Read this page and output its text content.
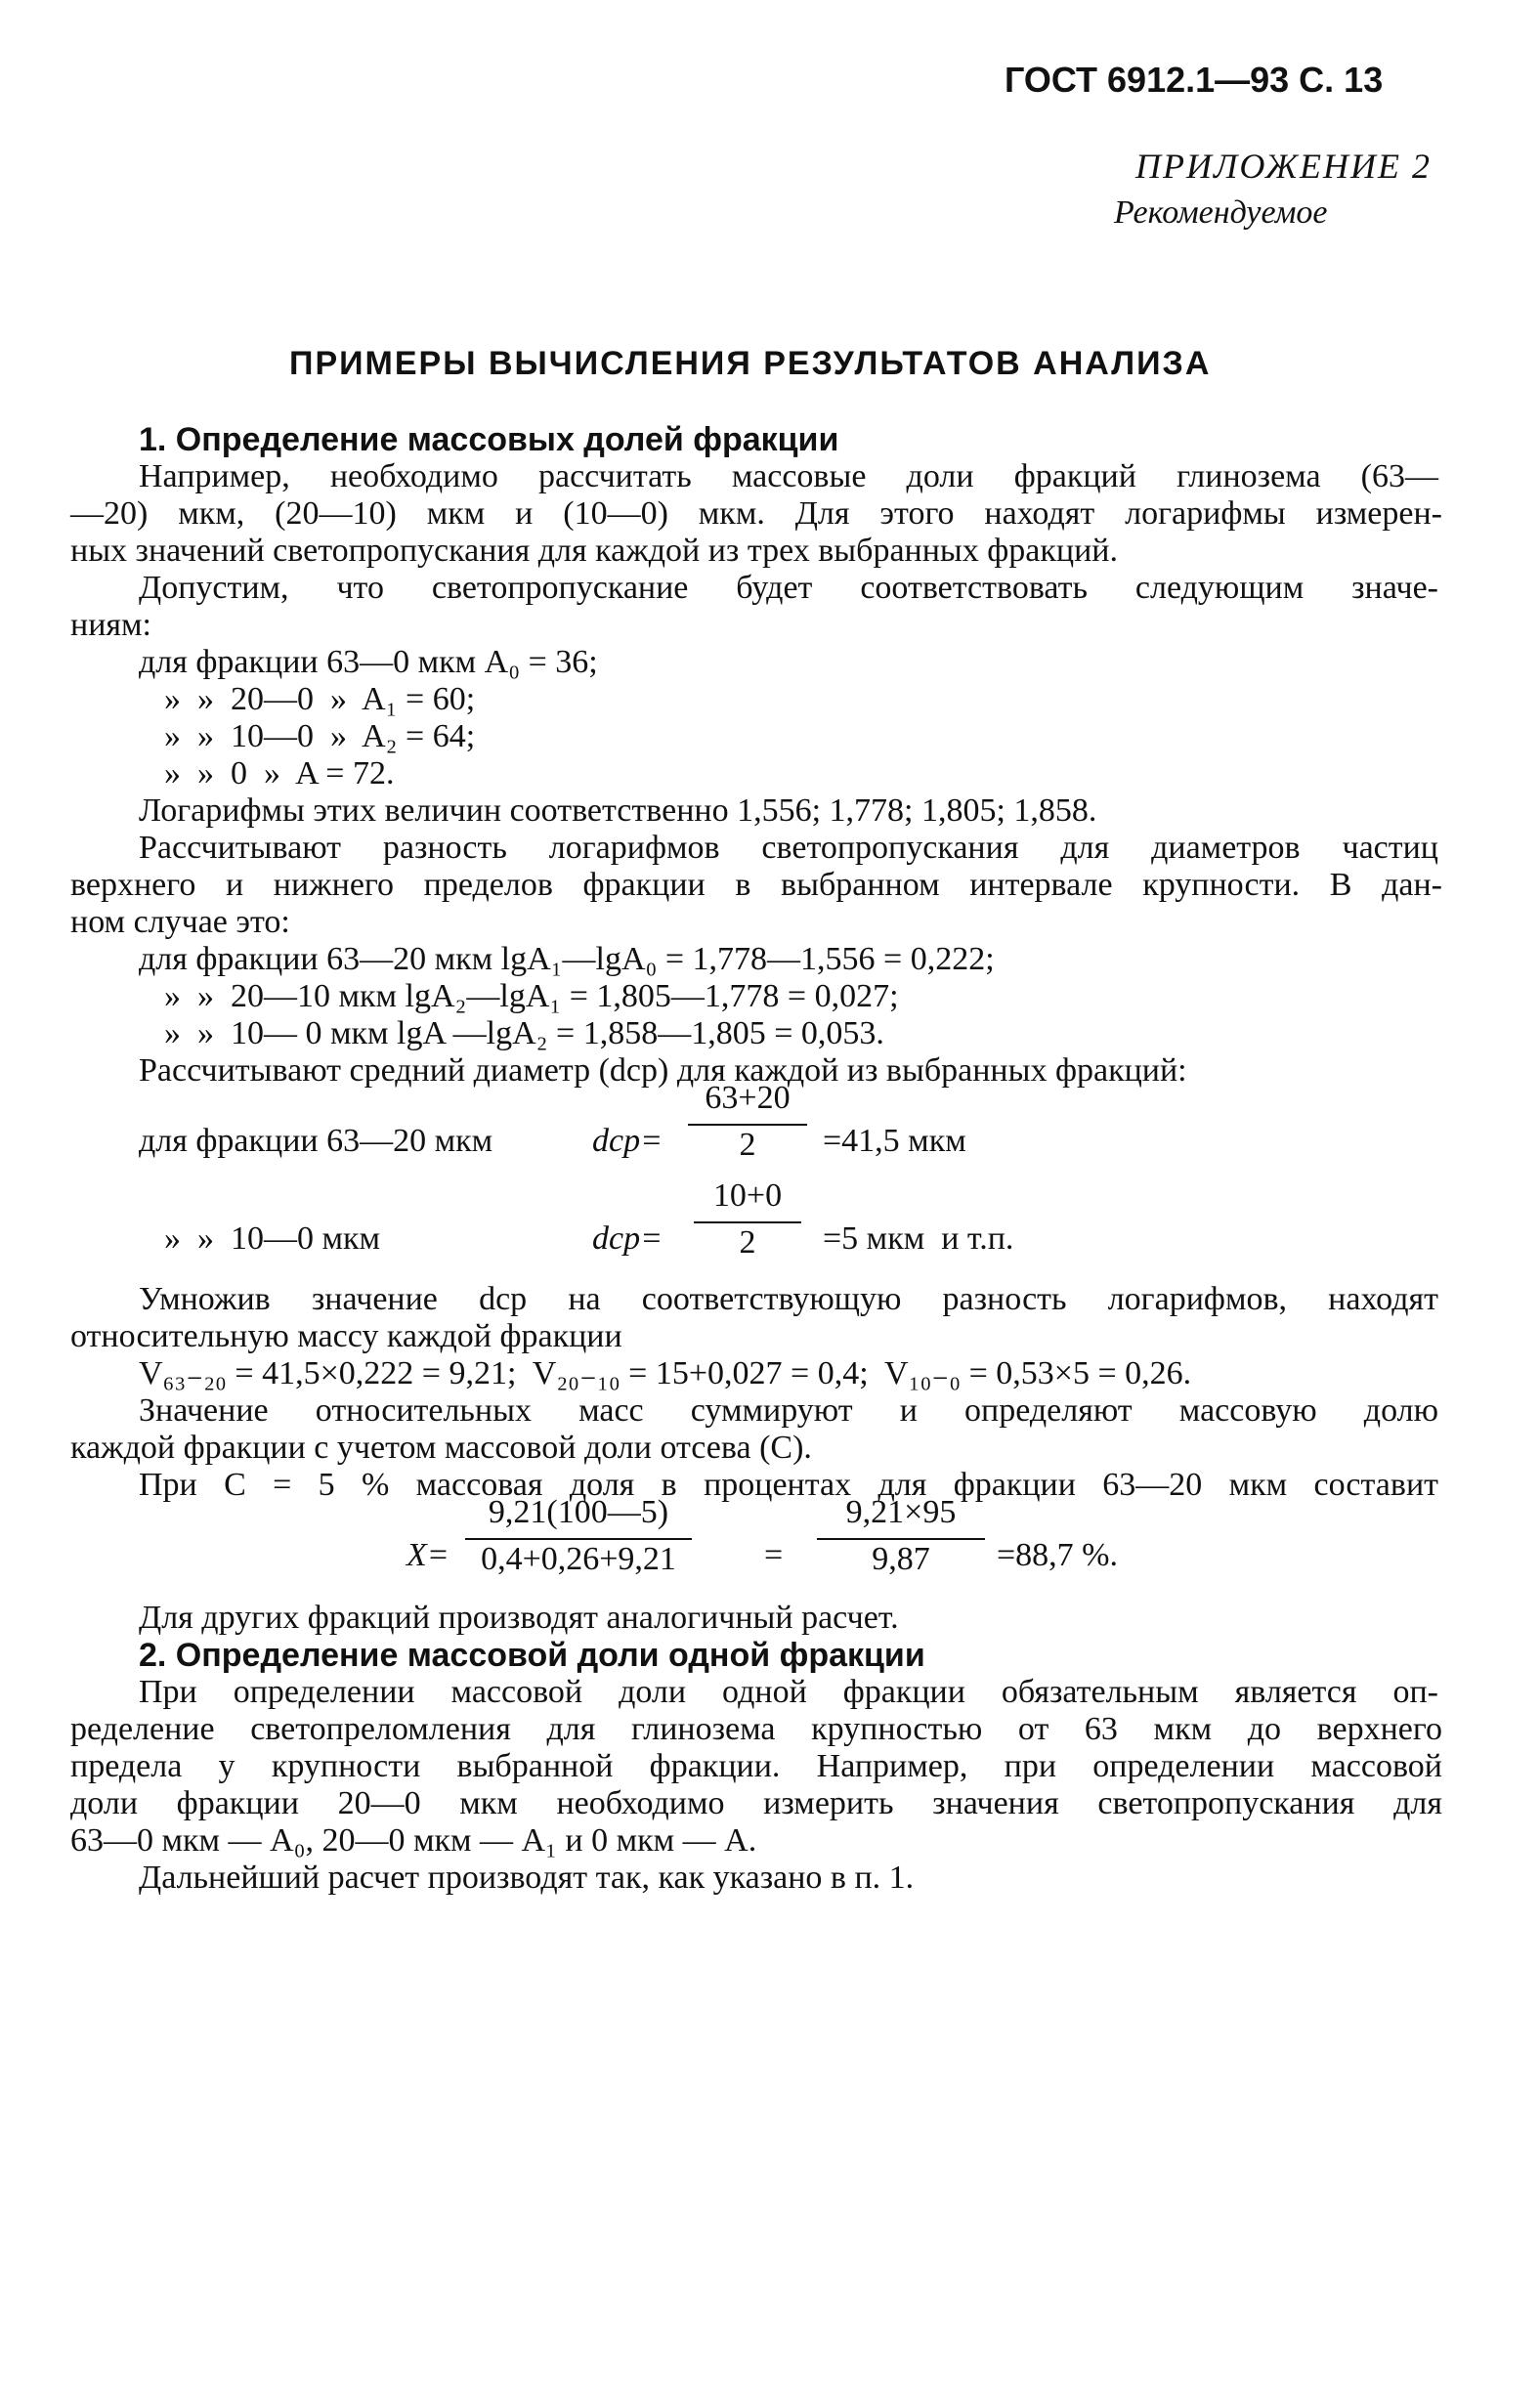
ГОСТ 6912.1—93 С. 13
ПРИЛОЖЕНИЕ 2
Рекомендуемое
ПРИМЕРЫ ВЫЧИСЛЕНИЯ РЕЗУЛЬТАТОВ АНАЛИЗА
1. Определение массовых долей фракции
Например, необходимо рассчитать массовые доли фракций глинозема (63—
—20) мкм, (20—10) мкм и (10—0) мкм. Для этого находят логарифмы измерен-
ных значений светопропускания для каждой из трех выбранных фракций.
Допустим, что светопропускание будет соответствовать следующим значе-
ниям:
для фракции 63—0 мкм A₀ = 36;
»  »  20—0  »  A₁ = 60;
»  »  10—0  »  A₂ = 64;
»  »  0  »  A = 72.
Логарифмы этих величин соответственно 1,556; 1,778; 1,805; 1,858.
Рассчитывают разность логарифмов светопропускания для диаметров частиц
верхнего и нижнего пределов фракции в выбранном интервале крупности. В дан-
ном случае это:
для фракции 63—20 мкм lgA₁—lgA₀ = 1,778—1,556 = 0,222;
»  »  20—10 мкм lgA₂—lgA₁ = 1,805—1,778 = 0,027;
»  »  10— 0 мкм lgA —lgA₂ = 1,858—1,805 = 0,053.
Рассчитывают средний диаметр (dср) для каждой из выбранных фракций:
для фракции 63—20 мкм	dср=
63+20
2	=41,5 мкм
»  »  10—0 мкм	dср=
10+0
2	=5 мкм  и т.п.
Умножив значение dср на соответствующую разность логарифмов, находят
относительную массу каждой фракции
V₆₃₋₂₀ = 41,5×0,222 = 9,21;  V₂₀₋₁₀ = 15+0,027 = 0,4;  V₁₀₋₀ = 0,53×5 = 0,26.
Значение относительных масс суммируют и определяют массовую долю
каждой фракции с учетом массовой доли отсева (C).
При C = 5 % массовая доля в процентах для фракции 63—20 мкм составит
X=
9,21(100—5)
0,4+0,26+9,21	=
9,21×95
9,87	=88,7 %.
Для других фракций производят аналогичный расчет.
2. Определение массовой доли одной фракции
При определении массовой доли одной фракции обязательным является оп-
ределение светопреломления для глинозема крупностью от 63 мкм до верхнего
предела у крупности выбранной фракции. Например, при определении массовой
доли фракции 20—0 мкм необходимо измерить значения светопропускания для
63—0 мкм — A₀, 20—0 мкм — A₁ и 0 мкм — A.
Дальнейший расчет производят так, как указано в п. 1.
